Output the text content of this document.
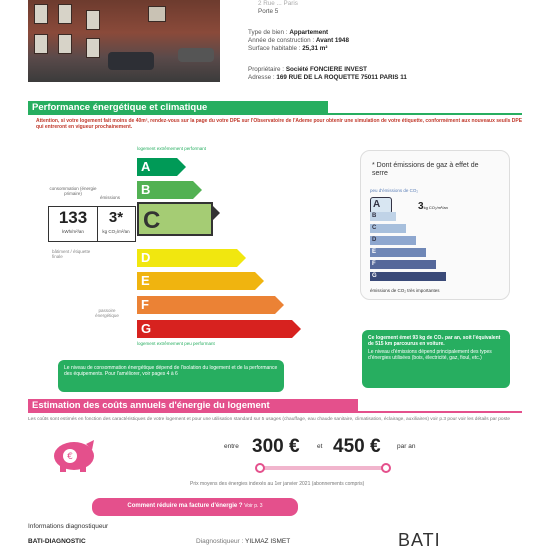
2 Rue ... Paris
Porte 5
Type de bien : Appartement
Année de construction : Avant 1948
Surface habitable : 25,31 m²
Propriétaire : Société FONCIERE INVEST
Adresse : 169 RUE DE LA ROQUETTE 75011 PARIS 11
Performance énergétique et climatique
Attention, si votre logement fait moins de 40m², rendez-vous sur la page du votre DPE sur l'Observatoire de l'Ademe pour obtenir une simulation de votre étiquette, conformément aux nouveaux seuils DPE qui entreront en vigueur prochainement.
logement extrêmement performant
logement extrêmement peu performant
consommation (énergie primaire)
émissions
133
kWh/m²/an
3*
kg CO₂/m²/an
bâtiment / étiquette finale
passoire énergétique
A
B
C
D
E
F
G
* Dont émissions de gaz à effet de serre
peu d'émissions de CO₂
émissions de CO₂ très importantes
A
B
C
D
E
F
G
3kg CO₂/m²/an
Le niveau de consommation énergétique dépend de l'isolation du logement et de la performance des équipements. Pour l'améliorer, voir pages 4 à 6
Ce logement émet 93 kg de CO₂ par an, soit l'équivalent de 515 km parcourus en voiture.
Le niveau d'émissions dépend principalement des types d'énergies utilisées (bois, électricité, gaz, fioul, etc.)
Estimation des coûts annuels d'énergie du logement
Les coûts sont estimés en fonction des caractéristiques de votre logement et pour une utilisation standard sur 5 usages (chauffage, eau chaude sanitaire, climatisation, éclairage, auxiliaires) voir p.3 pour voir les détails par poste
€
entre 300 €	et 450 €	par an
Prix moyens des énergies indexés au 1er janvier 2021 (abonnements compris)
Comment réduire ma facture d'énergie ? Voir p. 3
Informations diagnostiqueur
BATI-DIAGNOSTIC	Diagnostiqueur : YILMAZ ISMET	BATI
